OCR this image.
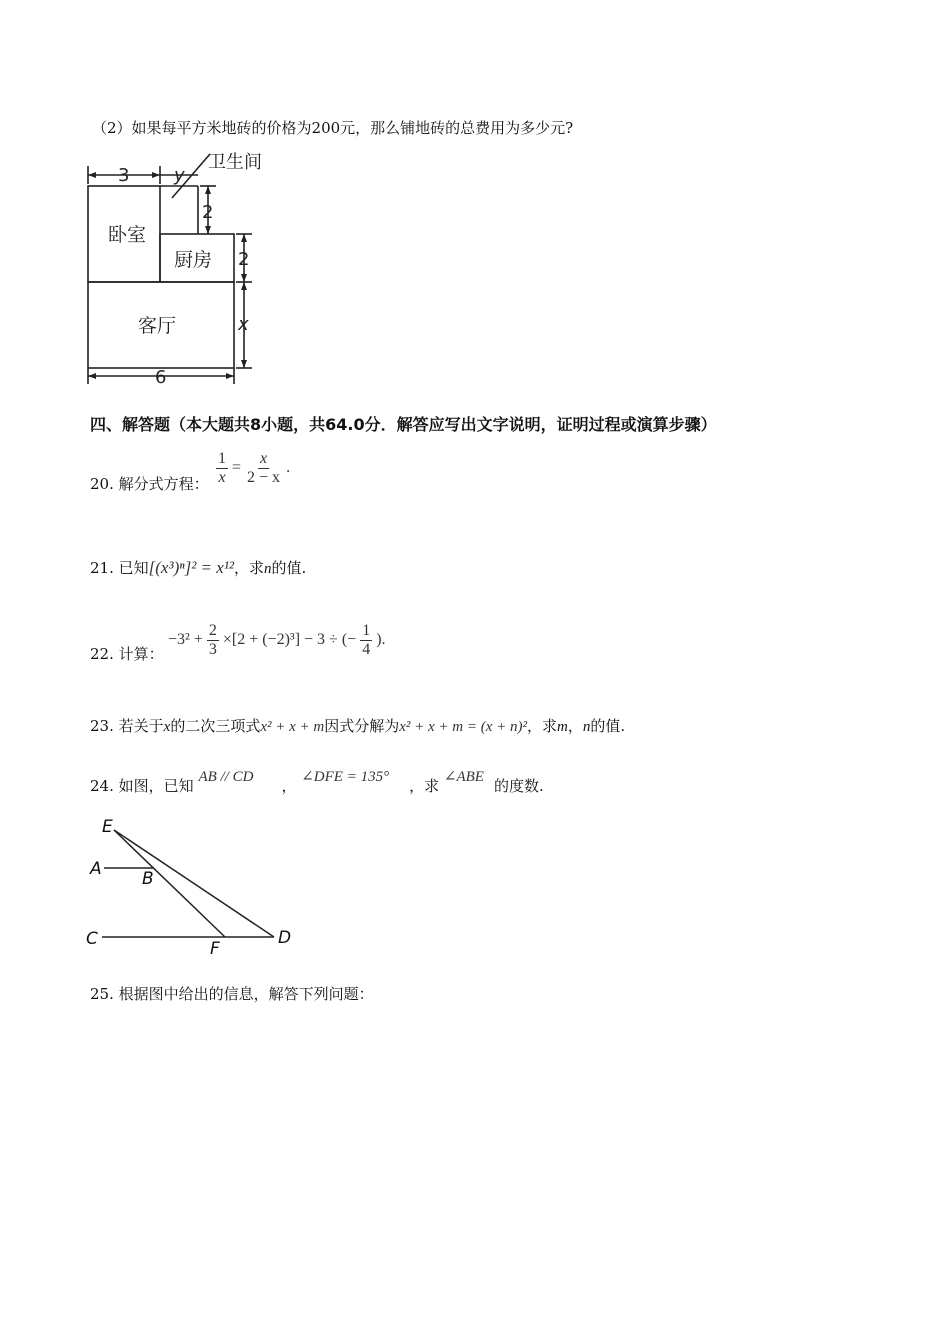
（2）如果每平方米地砖的价格为200元，那么铺地砖的总费用为多少元?
3 y
卫生间
2
卧室
厨房 2
客厅	x
6
四、解答题（本大题共8小题，共64.0分．解答应写出文字说明，证明过程或演算步骤）
20. 解分式方程： $\frac{1}{x} = \frac{x}{2 - x}$ .
21. 已知[(x³)ⁿ]² = x¹²，求n的值.
22. 计算：
$-3^2 + \frac{2}{3} \times[2 + (-2)^3] - 3$ ÷ (− $\frac{1}{4}$ ).
23. 若关于x的二次三项式x² + x + m因式分解为x² + x + m = (x + n)²，求m，n的值.
24. 如图，已知 AB // CD ， ∠DFE = 135° ，求 ∠ABE 的度数.
E
A B
C	F
D
25. 根据图中给出的信息，解答下列问题：
